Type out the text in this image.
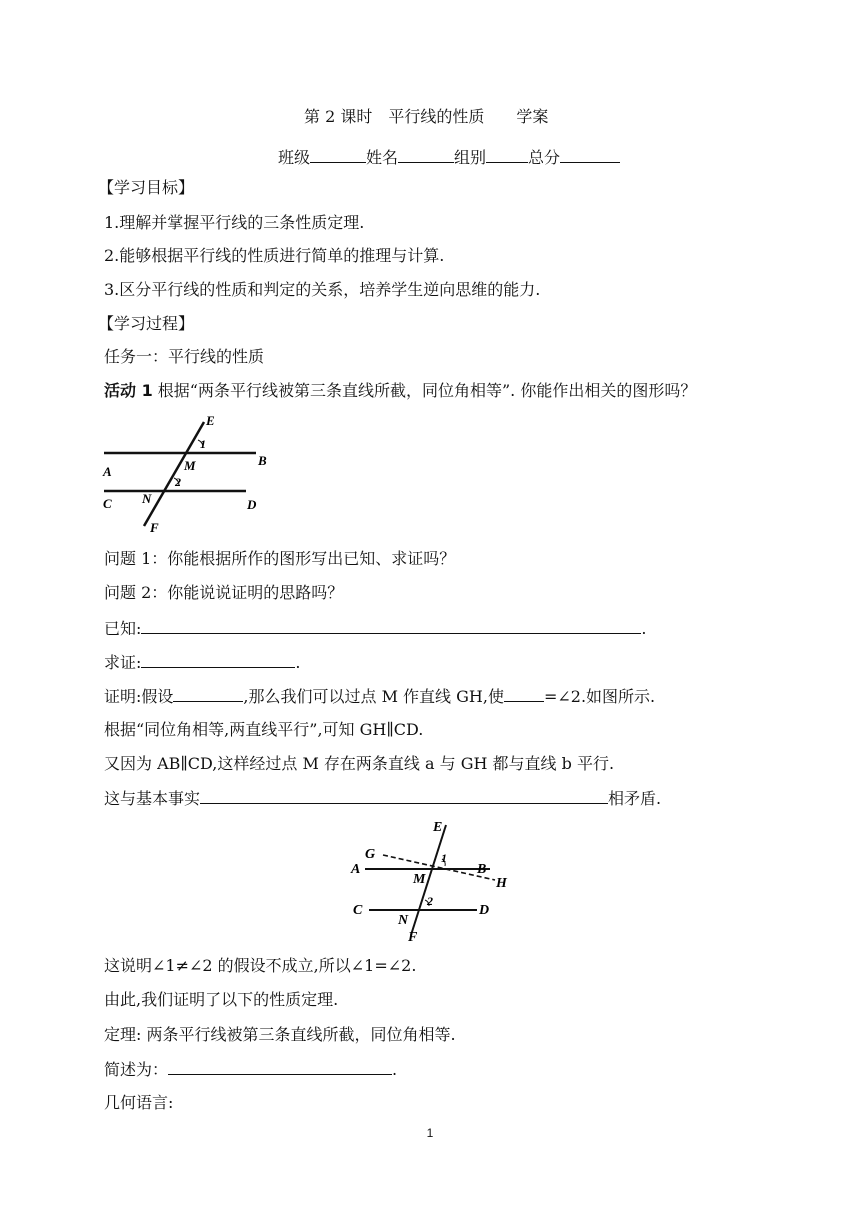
第 2 课时　平行线的性质　　学案
班级	姓名	组别	总分
【学习目标】
1.理解并掌握平行线的三条性质定理.
2.能够根据平行线的性质进行简单的推理与计算.
3.区分平行线的性质和判定的关系，培养学生逆向思维的能力.
【学习过程】
任务一：平行线的性质
活动 1 根据“两条平行线被第三条直线所截，同位角相等”. 你能作出相关的图形吗？
E
1
A	M	B
2
N
C	D
F
问题 1：你能根据所作的图形写出已知、求证吗？
问题 2：你能说说证明的思路吗？
已知:	.
求证:	.
证明:假设	,那么我们可以过点 M 作直线 GH,使	=∠2.如图所示.
根据“同位角相等,两直线平行”,可知 GH∥CD.
又因为 AB∥CD,这样经过点 M 存在两条直线 a 与 GH 都与直线 b 平行.
这与基本事实	相矛盾.
E
G	1
A	B
H
M
C
2
D
N
F
这说明∠1≠∠2 的假设不成立,所以∠1=∠2.
由此,我们证明了以下的性质定理.
定理: 两条平行线被第三条直线所截，同位角相等.
简述为：	.
几何语言:
1
